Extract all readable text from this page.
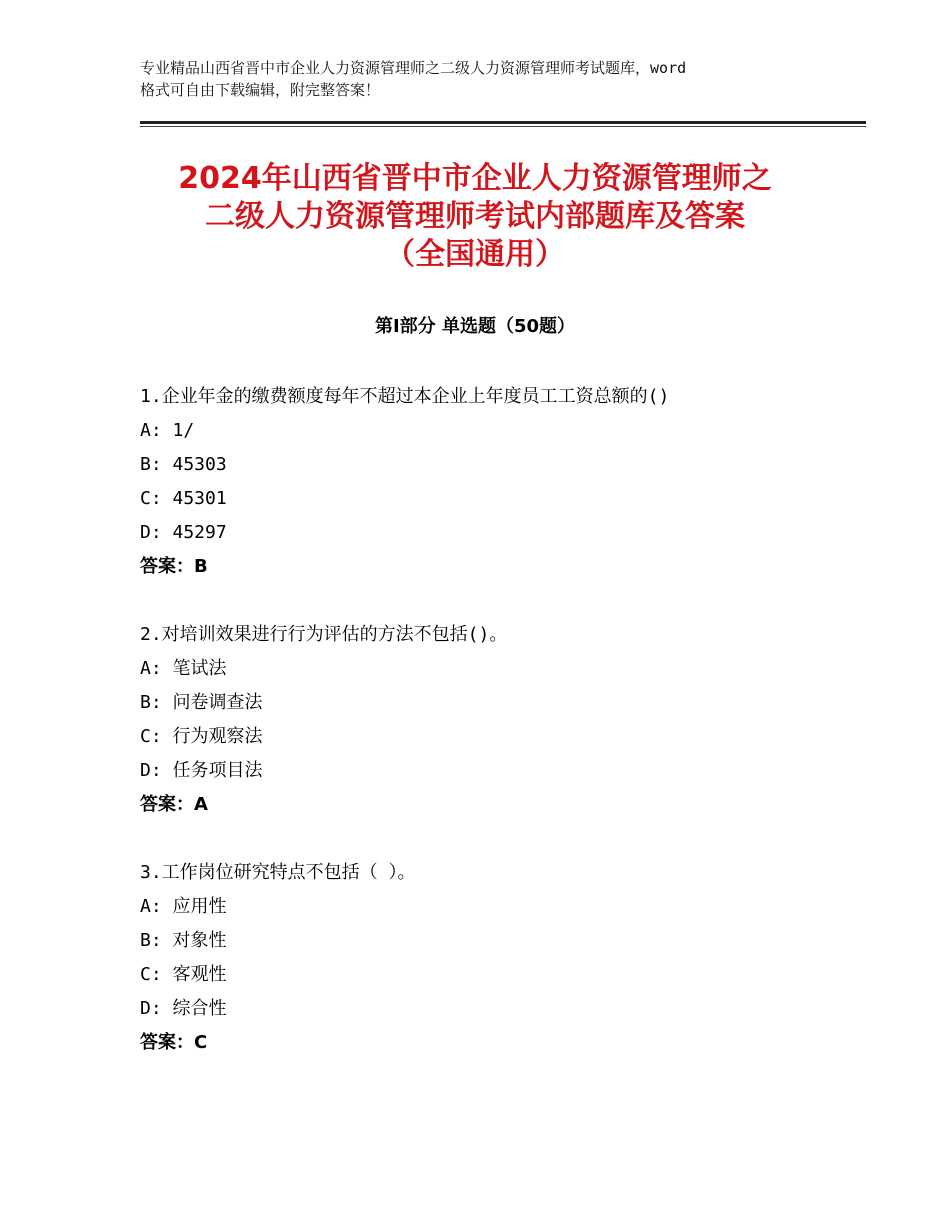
专业精品山西省晋中市企业人力资源管理师之二级人力资源管理师考试题库，word
格式可自由下载编辑，附完整答案！
2024年山西省晋中市企业人力资源管理师之
二级人力资源管理师考试内部题库及答案
（全国通用）
第Ⅰ部分 单选题（50题）
1.企业年金的缴费额度每年不超过本企业上年度员工工资总额的()
A: 1/
B: 45303
C: 45301
D: 45297
答案：B
2.对培训效果进行行为评估的方法不包括()。
A: 笔试法
B: 问卷调查法
C: 行为观察法
D: 任务项目法
答案：A
3.工作岗位研究特点不包括（ ）。
A: 应用性
B: 对象性
C: 客观性
D: 综合性
答案：C
